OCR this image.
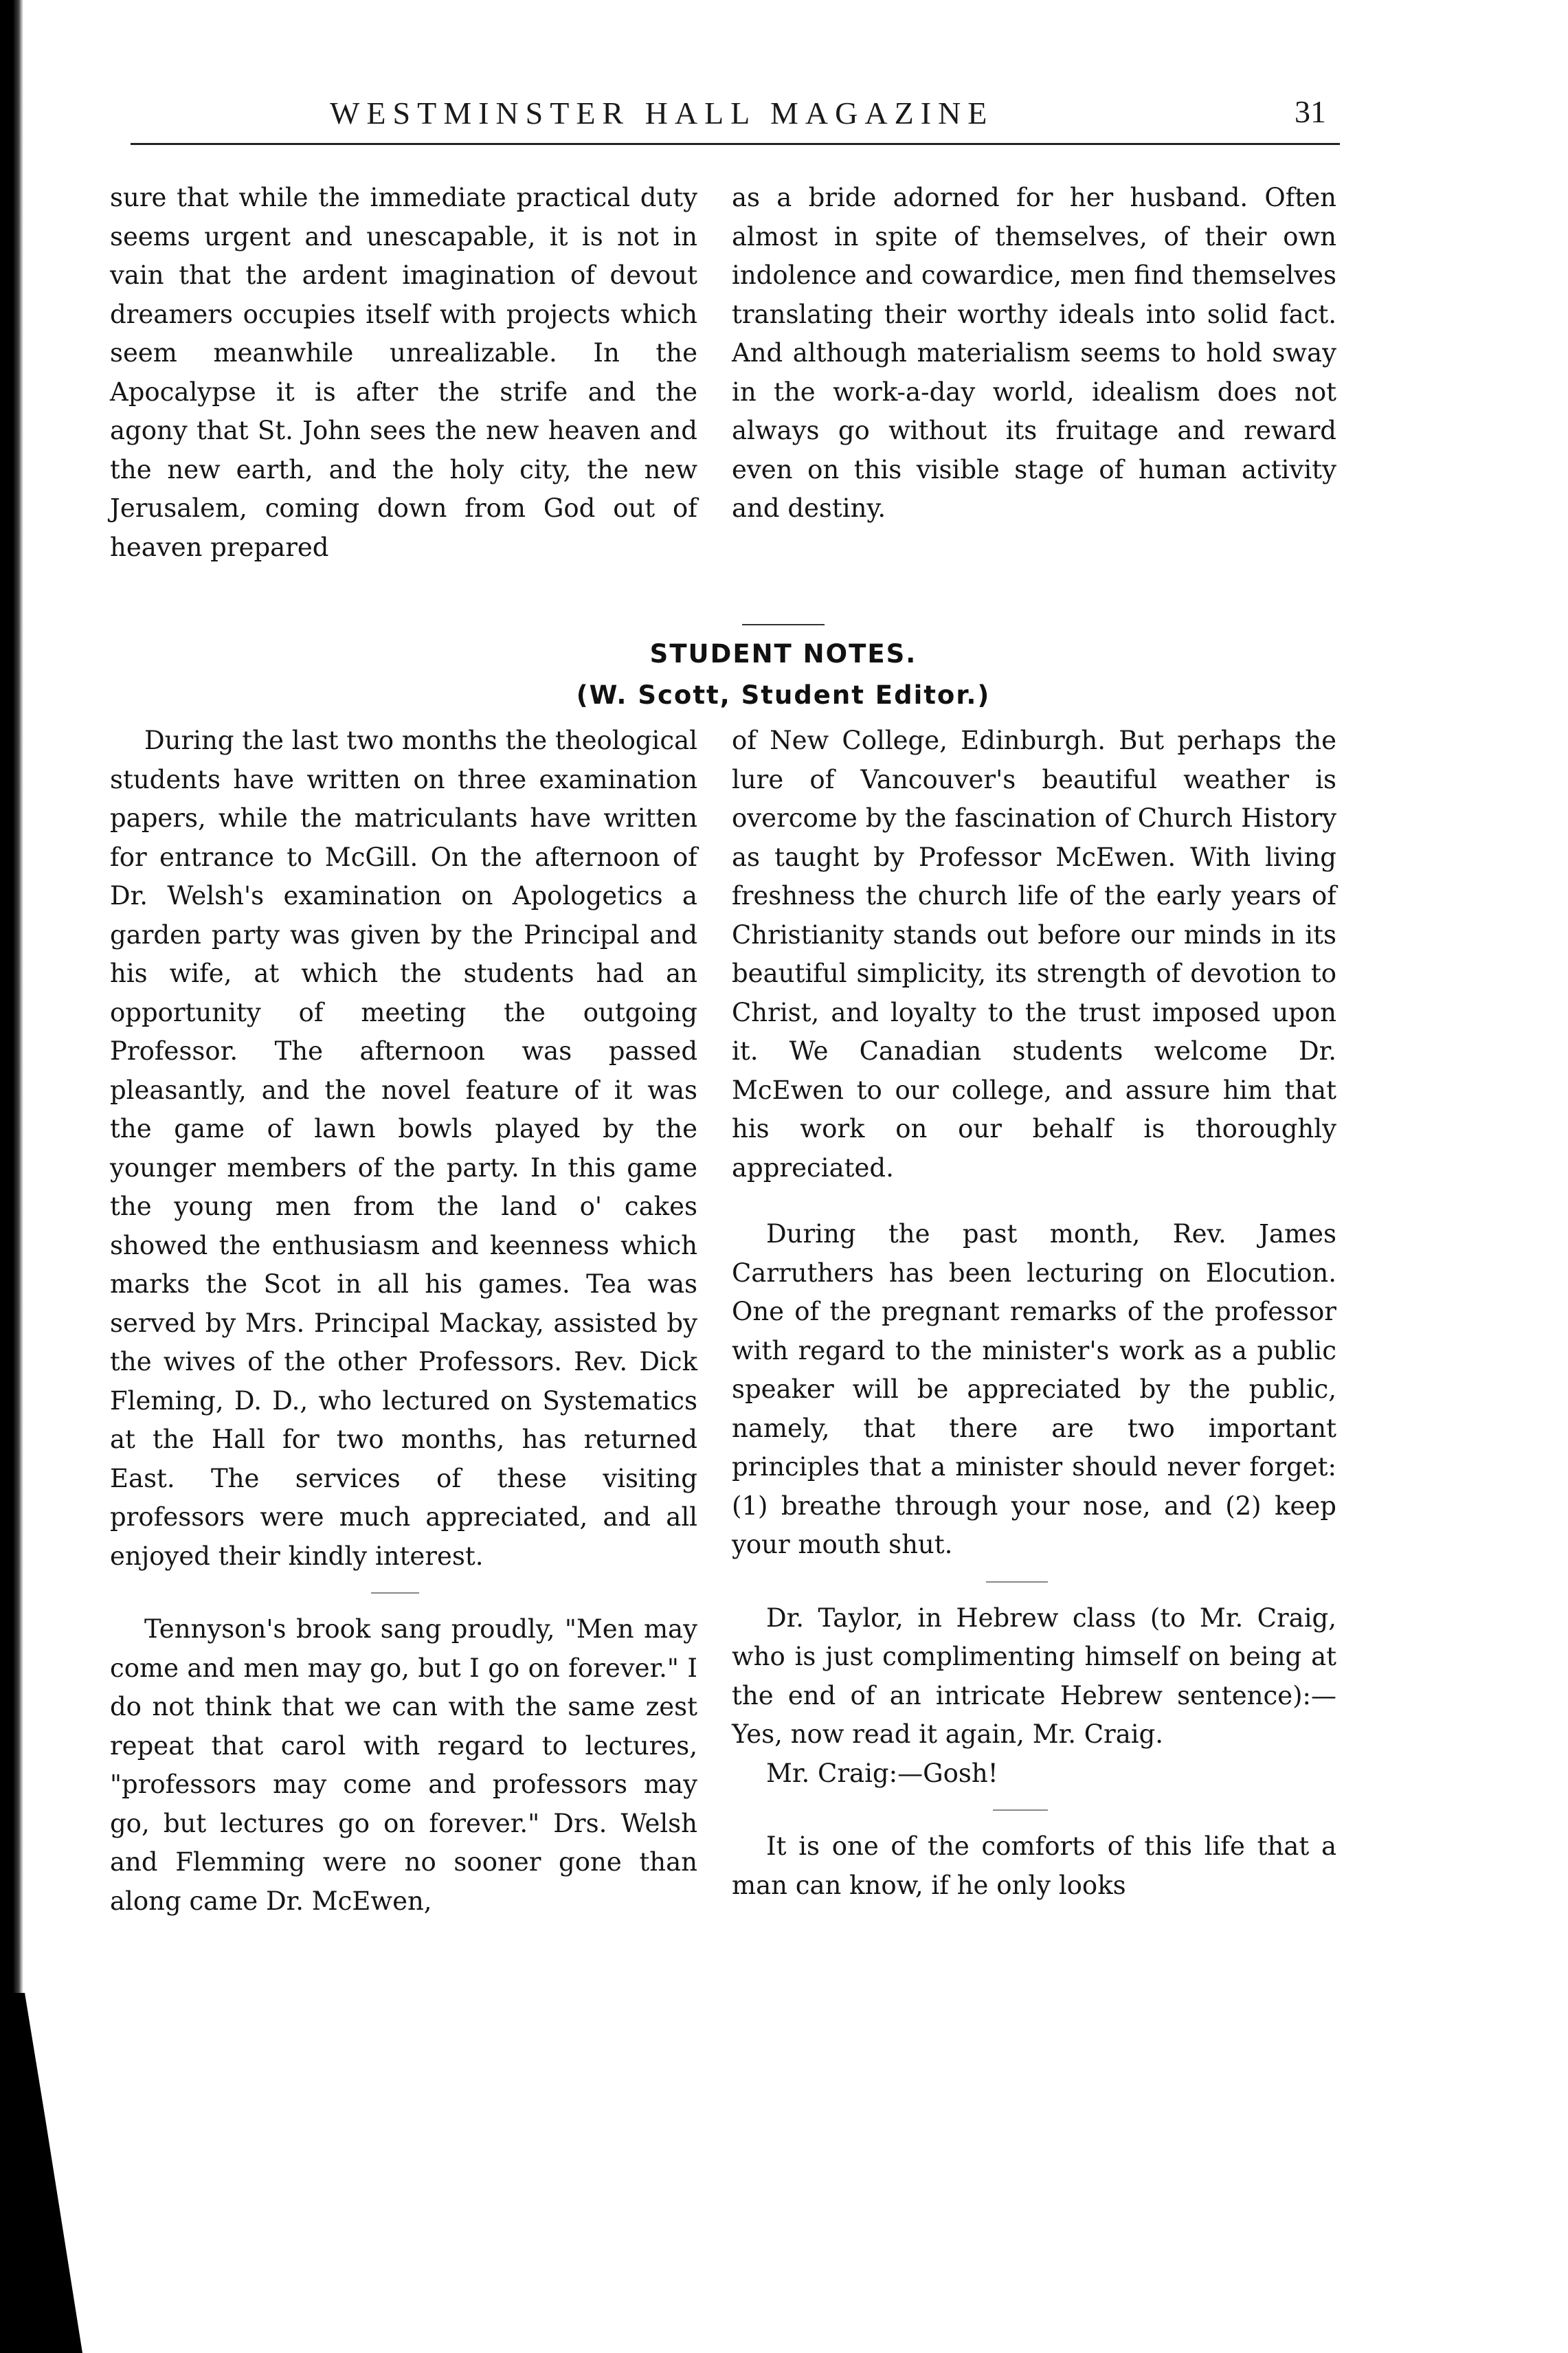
WESTMINSTER HALL MAGAZINE	31

sure that while the immediate practical duty seems urgent and unescapable, it is not in vain that the ardent imagination of devout dreamers occupies itself with projects which seem meanwhile unrealizable. In the Apocalypse it is after the strife and the agony that St. John sees the new heaven and the new earth, and the holy city, the new Jerusalem, coming down from God out of heaven prepared

as a bride adorned for her husband. Often almost in spite of themselves, of their own indolence and cowardice, men find themselves translating their worthy ideals into solid fact. And although materialism seems to hold sway in the work-a-day world, idealism does not always go without its fruitage and reward even on this visible stage of human activity and destiny.

STUDENT NOTES.
(W. Scott, Student Editor.)

During the last two months the theological students have written on three examination papers, while the matriculants have written for entrance to McGill. On the afternoon of Dr. Welsh's examination on Apologetics a garden party was given by the Principal and his wife, at which the students had an opportunity of meeting the outgoing Professor. The afternoon was passed pleasantly, and the novel feature of it was the game of lawn bowls played by the younger members of the party. In this game the young men from the land o' cakes showed the enthusiasm and keenness which marks the Scot in all his games. Tea was served by Mrs. Principal Mackay, assisted by the wives of the other Professors. Rev. Dick Fleming, D. D., who lectured on Systematics at the Hall for two months, has returned East. The services of these visiting professors were much appreciated, and all enjoyed their kindly interest.

Tennyson's brook sang proudly, "Men may come and men may go, but I go on forever." I do not think that we can with the same zest repeat that carol with regard to lectures, "professors may come and professors may go, but lectures go on forever." Drs. Welsh and Flemming were no sooner gone than along came Dr. McEwen,

of New College, Edinburgh. But perhaps the lure of Vancouver's beautiful weather is overcome by the fascination of Church History as taught by Professor McEwen. With living freshness the church life of the early years of Christianity stands out before our minds in its beautiful simplicity, its strength of devotion to Christ, and loyalty to the trust imposed upon it. We Canadian students welcome Dr. McEwen to our college, and assure him that his work on our behalf is thoroughly appreciated.

During the past month, Rev. James Carruthers has been lecturing on Elocution. One of the pregnant remarks of the professor with regard to the minister's work as a public speaker will be appreciated by the public, namely, that there are two important principles that a minister should never forget: (1) breathe through your nose, and (2) keep your mouth shut.

Dr. Taylor, in Hebrew class (to Mr. Craig, who is just complimenting himself on being at the end of an intricate Hebrew sentence):—Yes, now read it again, Mr. Craig.

Mr. Craig:—Gosh!

It is one of the comforts of this life that a man can know, if he only looks
